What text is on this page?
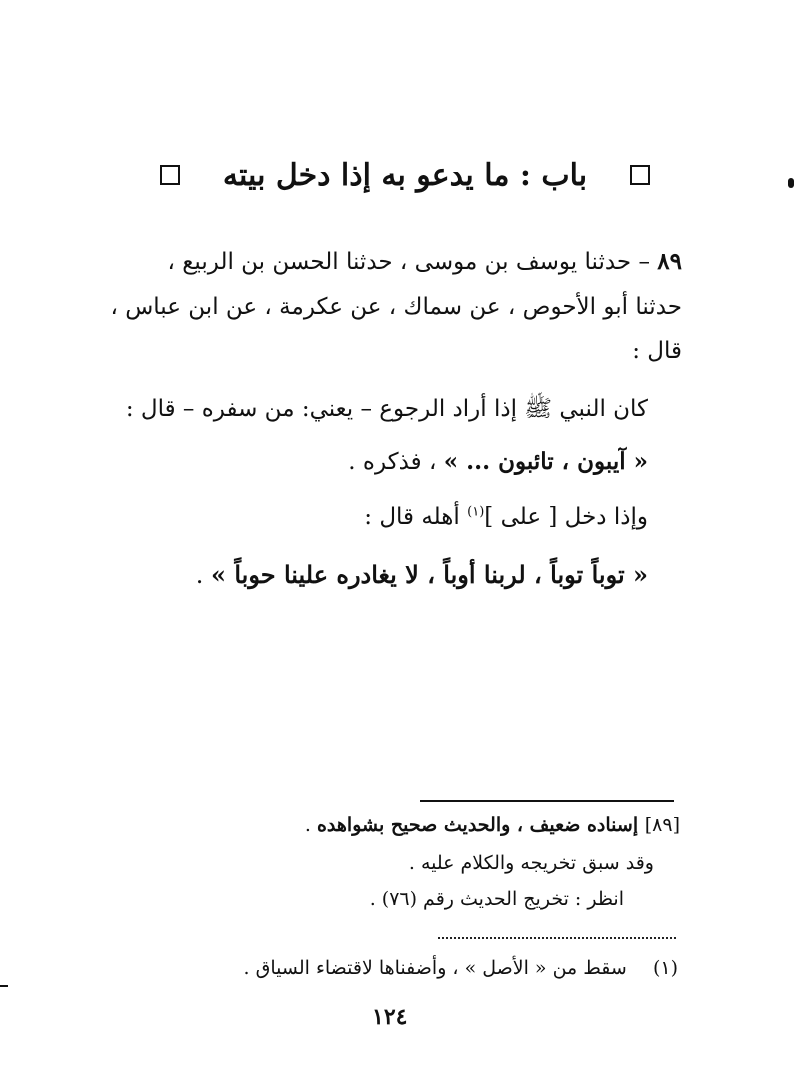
باب : ما يدعو به إذا دخل بيته
٨٩ – حدثنا يوسف بن موسى ، حدثنا الحسن بن الربيع ،
حدثنا أبو الأحوص ، عن سماك ، عن عكرمة ، عن ابن عباس ،
قال :
كان النبي ﷺ إذا أراد الرجوع – يعني: من سفره – قال :
« آيبون ، تائبون ... » ، فذكره .
وإذا دخل [ على ]$^{(١)}$ أهله قال :
« توباً توباً ، لربنا أوباً ، لا يغادره علينا حوباً » .
[٨٩] إسناده ضعيف ، والحديث صحيح بشواهده .
وقد سبق تخريجه والكلام عليه .
انظر : تخريج الحديث رقم (٧٦) .
(١)  سقط من « الأصل » ، وأضفناها لاقتضاء السياق .
١٢٤
